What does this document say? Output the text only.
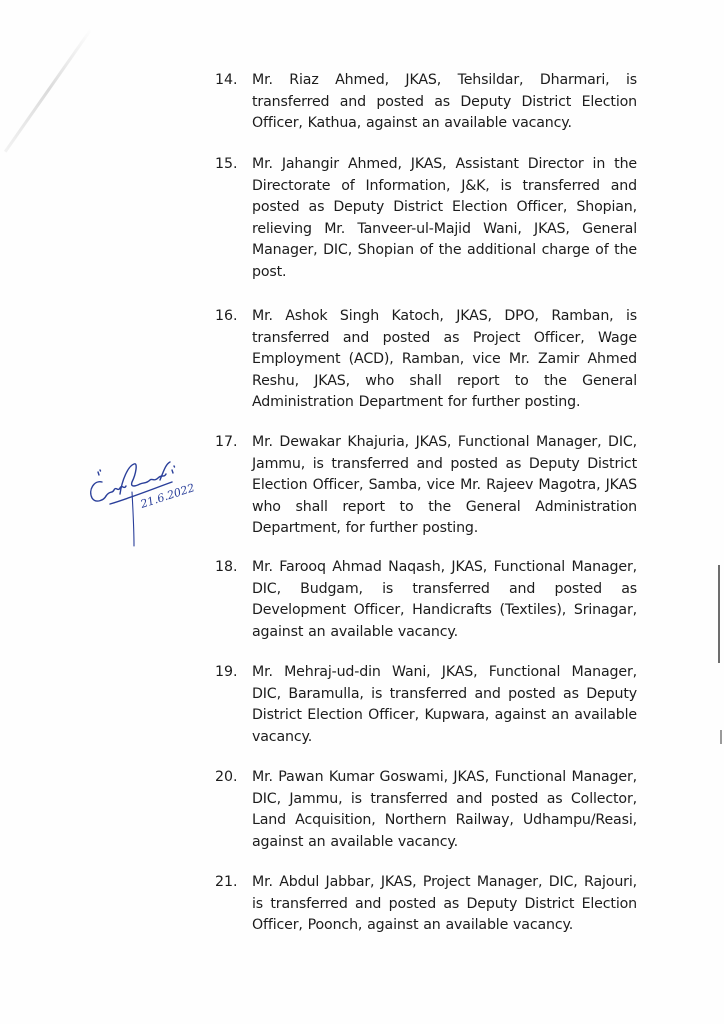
14.	Mr. Riaz Ahmed, JKAS, Tehsildar, Dharmari, is transferred and posted as Deputy District Election Officer, Kathua, against an available vacancy.
15.	Mr. Jahangir Ahmed, JKAS, Assistant Director in the Directorate of Information, J&K, is transferred and posted as Deputy District Election Officer, Shopian, relieving Mr. Tanveer-ul-Majid Wani, JKAS, General Manager, DIC, Shopian of the additional charge of the post.
16.	Mr. Ashok Singh Katoch, JKAS, DPO, Ramban, is transferred and posted as Project Officer, Wage Employment (ACD), Ramban, vice Mr. Zamir Ahmed Reshu, JKAS, who shall report to the General Administration Department for further posting.
17.	Mr. Dewakar Khajuria, JKAS, Functional Manager, DIC, Jammu, is transferred and posted as Deputy District Election Officer, Samba, vice Mr. Rajeev Magotra, JKAS who shall report to the General Administration Department, for further posting.
18.	Mr. Farooq Ahmad Naqash, JKAS, Functional Manager, DIC, Budgam, is transferred and posted as Development Officer, Handicrafts (Textiles), Srinagar, against an available vacancy.
19.	Mr. Mehraj-ud-din Wani, JKAS, Functional Manager, DIC, Baramulla, is transferred and posted as Deputy District Election Officer, Kupwara, against an available vacancy.
20.	Mr. Pawan Kumar Goswami, JKAS, Functional Manager, DIC, Jammu, is transferred and posted as Collector, Land Acquisition, Northern Railway, Udhampu/Reasi, against an available vacancy.
21.	Mr. Abdul Jabbar, JKAS, Project Manager, DIC, Rajouri, is transferred and posted as Deputy District Election Officer, Poonch, against an available vacancy.
21.6.2022
